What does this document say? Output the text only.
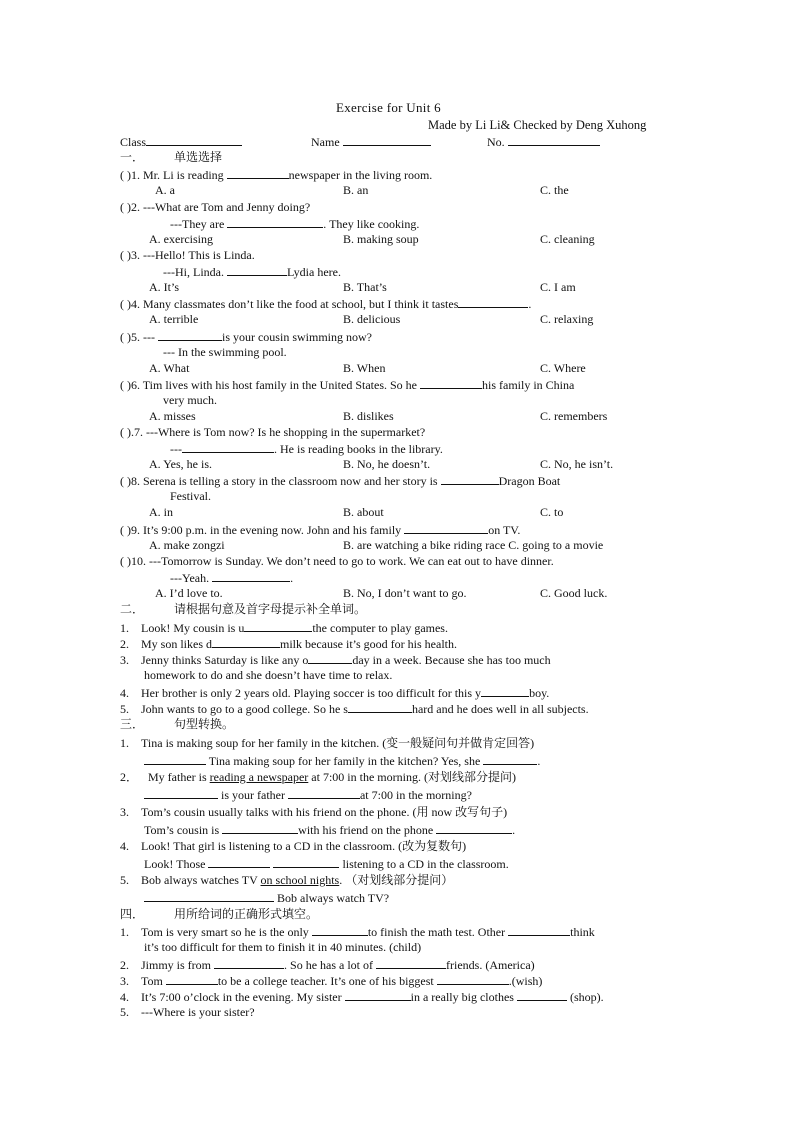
Exercise for Unit 6
Made by Li Li& Checked by Deng Xuhong
Class	Name	No.
一．	单选选择
( )1. Mr. Li is reading	newspaper in the living room.
A. a	B. an	C. the
( )2. ---What are Tom and Jenny doing?
---They are	. They like cooking.
A. exercising	B. making soup	C. cleaning
( )3. ---Hello! This is Linda.
---Hi, Linda.	Lydia here.
A. It’s	B. That’s	C. I am
( )4. Many classmates don’t like the food at school, but I think it tastes	.
A. terrible	B. delicious	C. relaxing
( )5. ---	is your cousin swimming now?
--- In the swimming pool.
A. What	B. When	C. Where
( )6. Tim lives with his host family in the United States. So he	his family in China
very much.
A. misses	B. dislikes	C. remembers
( ).7. ---Where is Tom now? Is he shopping in the supermarket?
---	. He is reading books in the library.
A. Yes, he is.	B. No, he doesn’t.	C. No, he isn’t.
( )8. Serena is telling a story in the classroom now and her story is	Dragon Boat
Festival.
A. in	B. about	C. to
( )9. It’s 9:00 p.m. in the evening now. John and his family	on TV.
A. make zongzi	B. are watching a bike riding race C. going to a movie
( )10. ---Tomorrow is Sunday. We don’t need to go to work. We can eat out to have dinner.
---Yeah.	.
A. I’d love to.	B. No, I don’t want to go.	C. Good luck.
二．	请根据句意及首字母提示补全单词。
1. Look! My cousin is u	the computer to play games.
2. My son likes d	milk because it’s good for his health.
3. Jenny thinks Saturday is like any o	day in a week. Because she has too much
homework to do and she doesn’t have time to relax.
4. Her brother is only 2 years old. Playing soccer is too difficult for this y	boy.
5. John wants to go to a good college. So he s	hard and he does well in all subjects.
三．	句型转换。
1. Tina is making soup for her family in the kitchen. (变一般疑问句并做肯定回答)
Tina making soup for her family in the kitchen? Yes, she	.
2． My father is reading a newspaper at 7:00 in the morning. (对划线部分提问)
is your father	at 7:00 in the morning?
3. Tom’s cousin usually talks with his friend on the phone. (用 now 改写句子)
Tom’s cousin is	with his friend on the phone	.
4. Look! That girl is listening to a CD in the classroom. (改为复数句)
Look! Those	listening to a CD in the classroom.
5. Bob always watches TV on school nights. （对划线部分提问）
Bob always watch TV?
四．	用所给词的正确形式填空。
1. Tom is very smart so he is the only	to finish the math test. Other	think
it’s too difficult for them to finish it in 40 minutes. (child)
2. Jimmy is from	. So he has a lot of	friends. (America)
3. Tom	to be a college teacher. It’s one of his biggest	.(wish)
4. It’s 7:00 o’clock in the evening. My sister	in a really big clothes	(shop).
5. ---Where is your sister?
